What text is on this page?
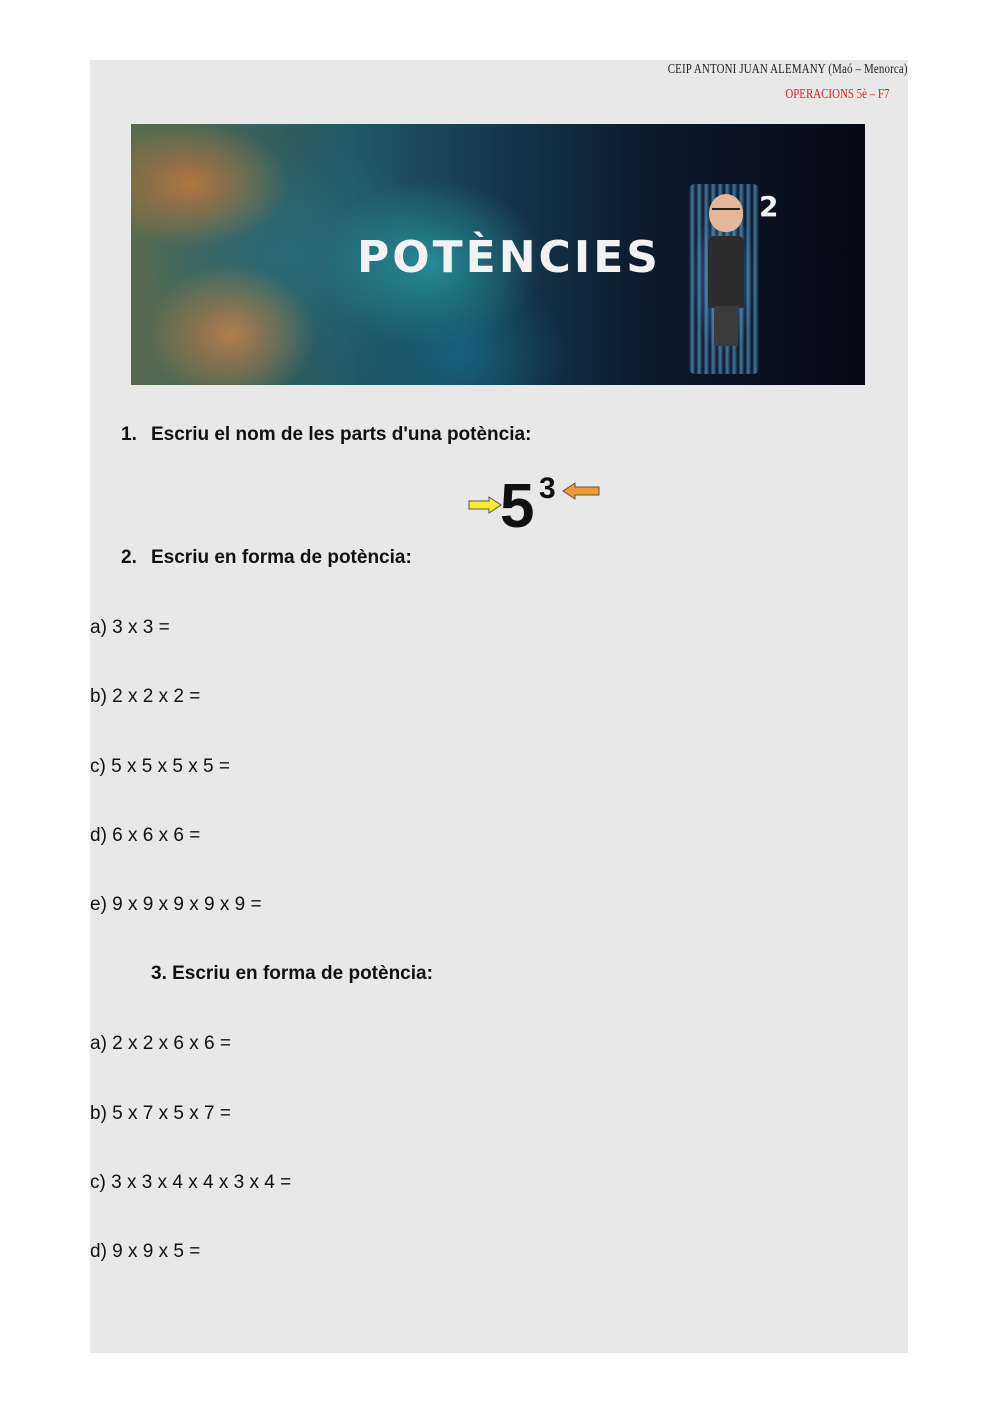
CEIP ANTONI JUAN ALEMANY (Maó – Menorca)
OPERACIONS 5è – F7
POTÈNCIES
2
1. Escriu el nom de les parts d'una potència:
5 3
2. Escriu en forma de potència:
a) 3 x 3 =
b) 2 x 2 x 2 =
c) 5 x 5 x 5 x 5 =
d) 6 x 6 x 6 =
e) 9 x 9 x 9 x 9 x 9 =
3. Escriu en forma de potència:
a) 2 x 2 x 6 x 6 =
b) 5 x 7 x 5 x 7 =
c) 3 x 3 x 4 x 4 x 3 x 4 =
d) 9 x 9 x 5 =
